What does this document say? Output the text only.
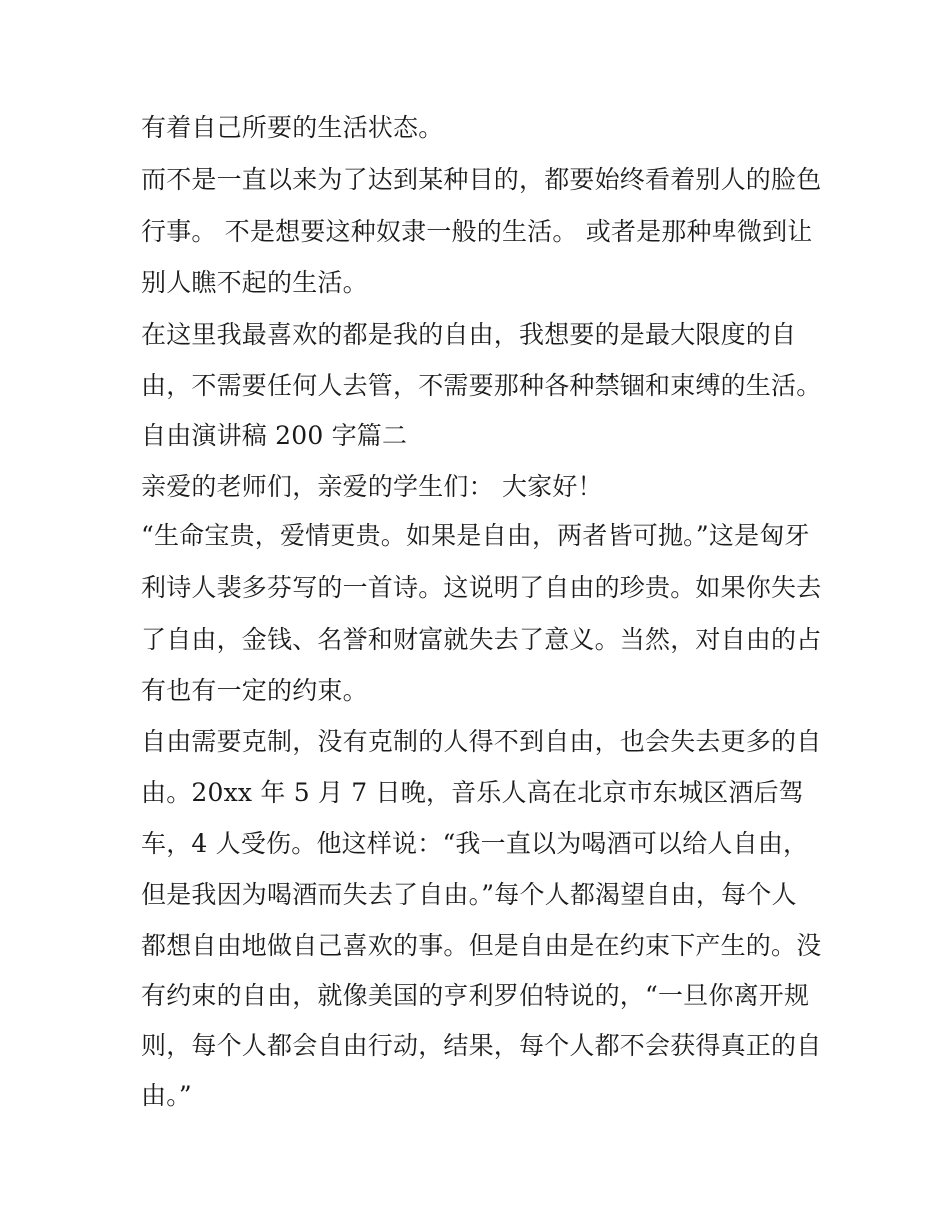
有着自己所要的生活状态。

而不是一直以来为了达到某种目的，都要始终看着别人的脸色

行事。 不是想要这种奴隶一般的生活。 或者是那种卑微到让

别人瞧不起的生活。

在这里我最喜欢的都是我的自由，我想要的是最大限度的自

由，不需要任何人去管，不需要那种各种禁锢和束缚的生活。

自由演讲稿 200 字篇二

亲爱的老师们，亲爱的学生们： 大家好！

“生命宝贵，爱情更贵。如果是自由，两者皆可抛。”这是匈牙

利诗人裴多芬写的一首诗。这说明了自由的珍贵。如果你失去

了自由，金钱、名誉和财富就失去了意义。当然，对自由的占

有也有一定的约束。

自由需要克制，没有克制的人得不到自由，也会失去更多的自

由。20xx 年 5 月 7 日晚，音乐人高在北京市东城区酒后驾

车，4 人受伤。他这样说：“我一直以为喝酒可以给人自由，

但是我因为喝酒而失去了自由。”每个人都渴望自由，每个人

都想自由地做自己喜欢的事。但是自由是在约束下产生的。没

有约束的自由，就像美国的亨利罗伯特说的，“一旦你离开规

则，每个人都会自由行动，结果，每个人都不会获得真正的自

由。”
